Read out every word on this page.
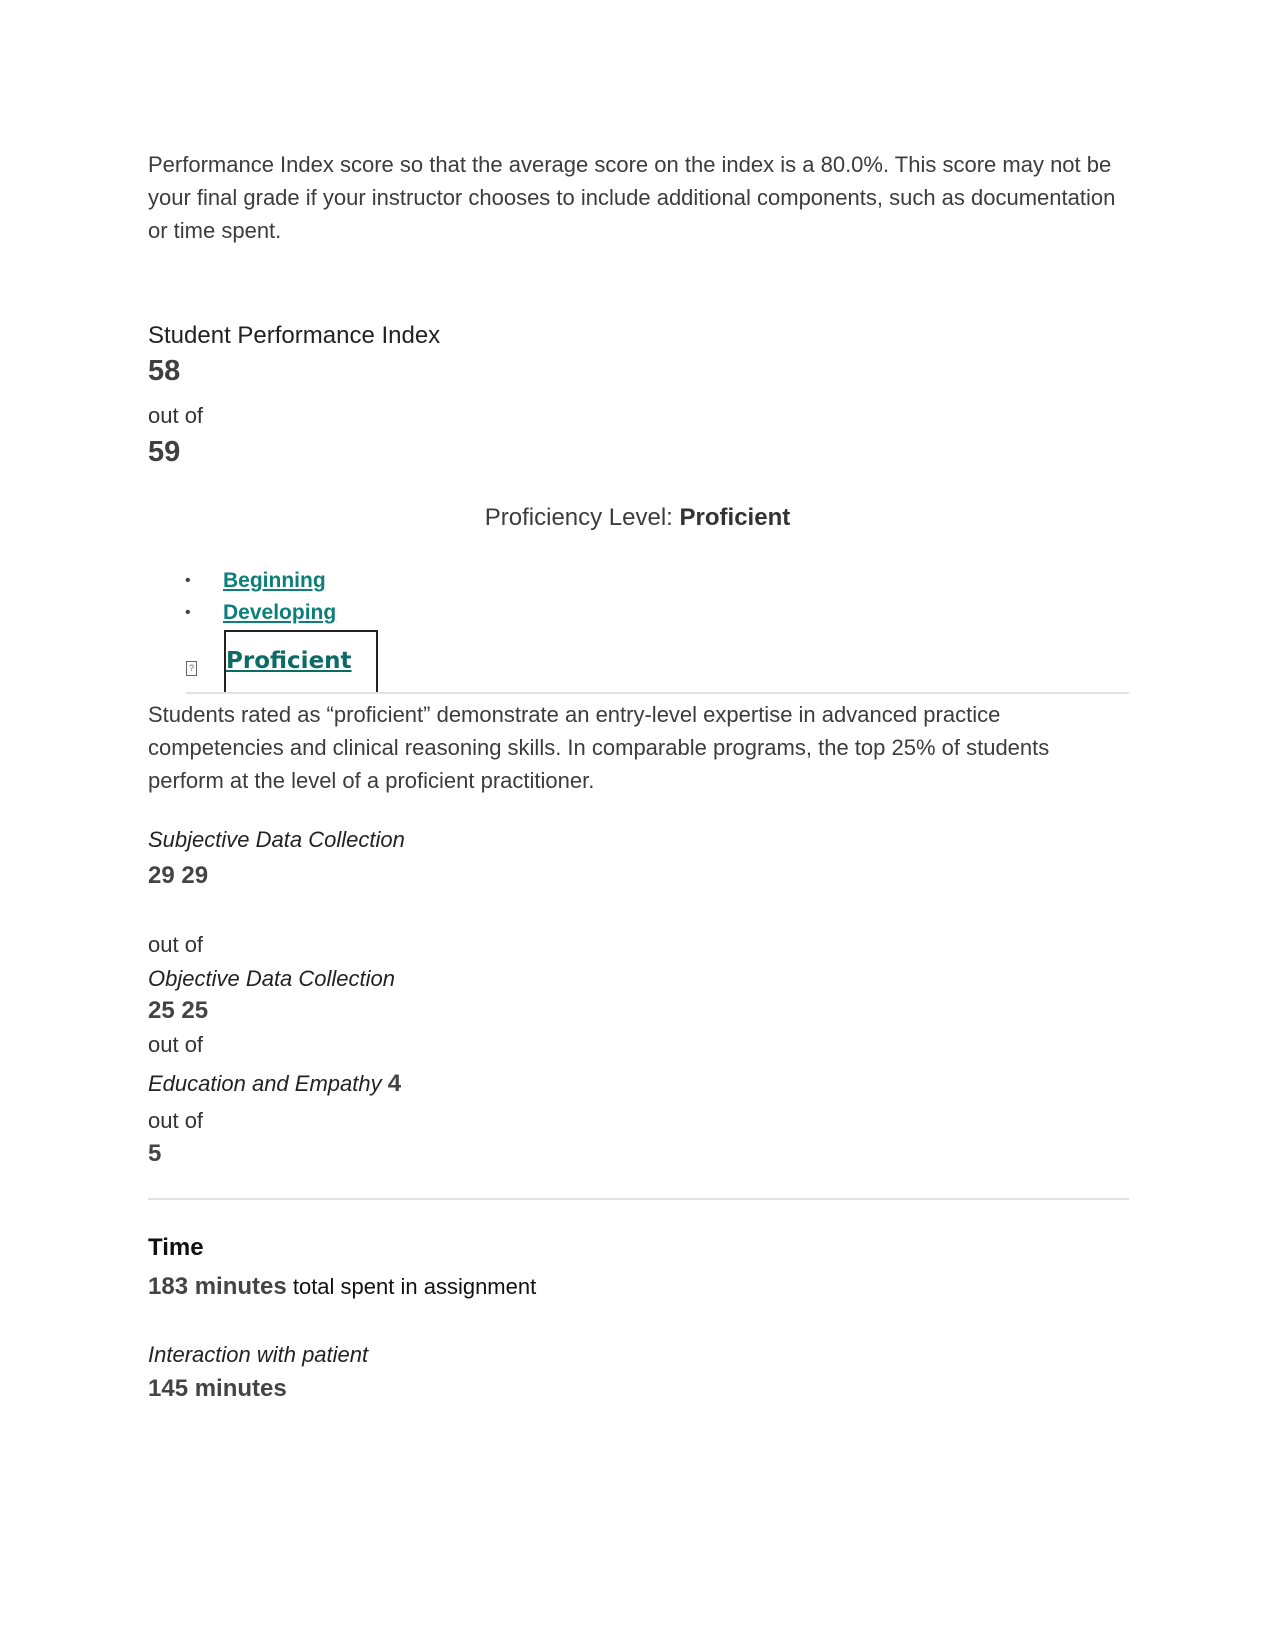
Performance Index score so that the average score on the index is a 80.0%. This score may not be your final grade if your instructor chooses to include additional components, such as documentation or time spent.

Student Performance Index
58
out of
59
Proficiency Level: Proficient
•	Beginning
•	Developing
? Proficient

Students rated as “proficient” demonstrate an entry-level expertise in advanced practice competencies and clinical reasoning skills. In comparable programs, the top 25% of students perform at the level of a proficient practitioner.

Subjective Data Collection
29 29
out of
Objective Data Collection
25 25
out of
Education and Empathy 4
out of
5
Time
183 minutes total spent in assignment
Interaction with patient
145 minutes
